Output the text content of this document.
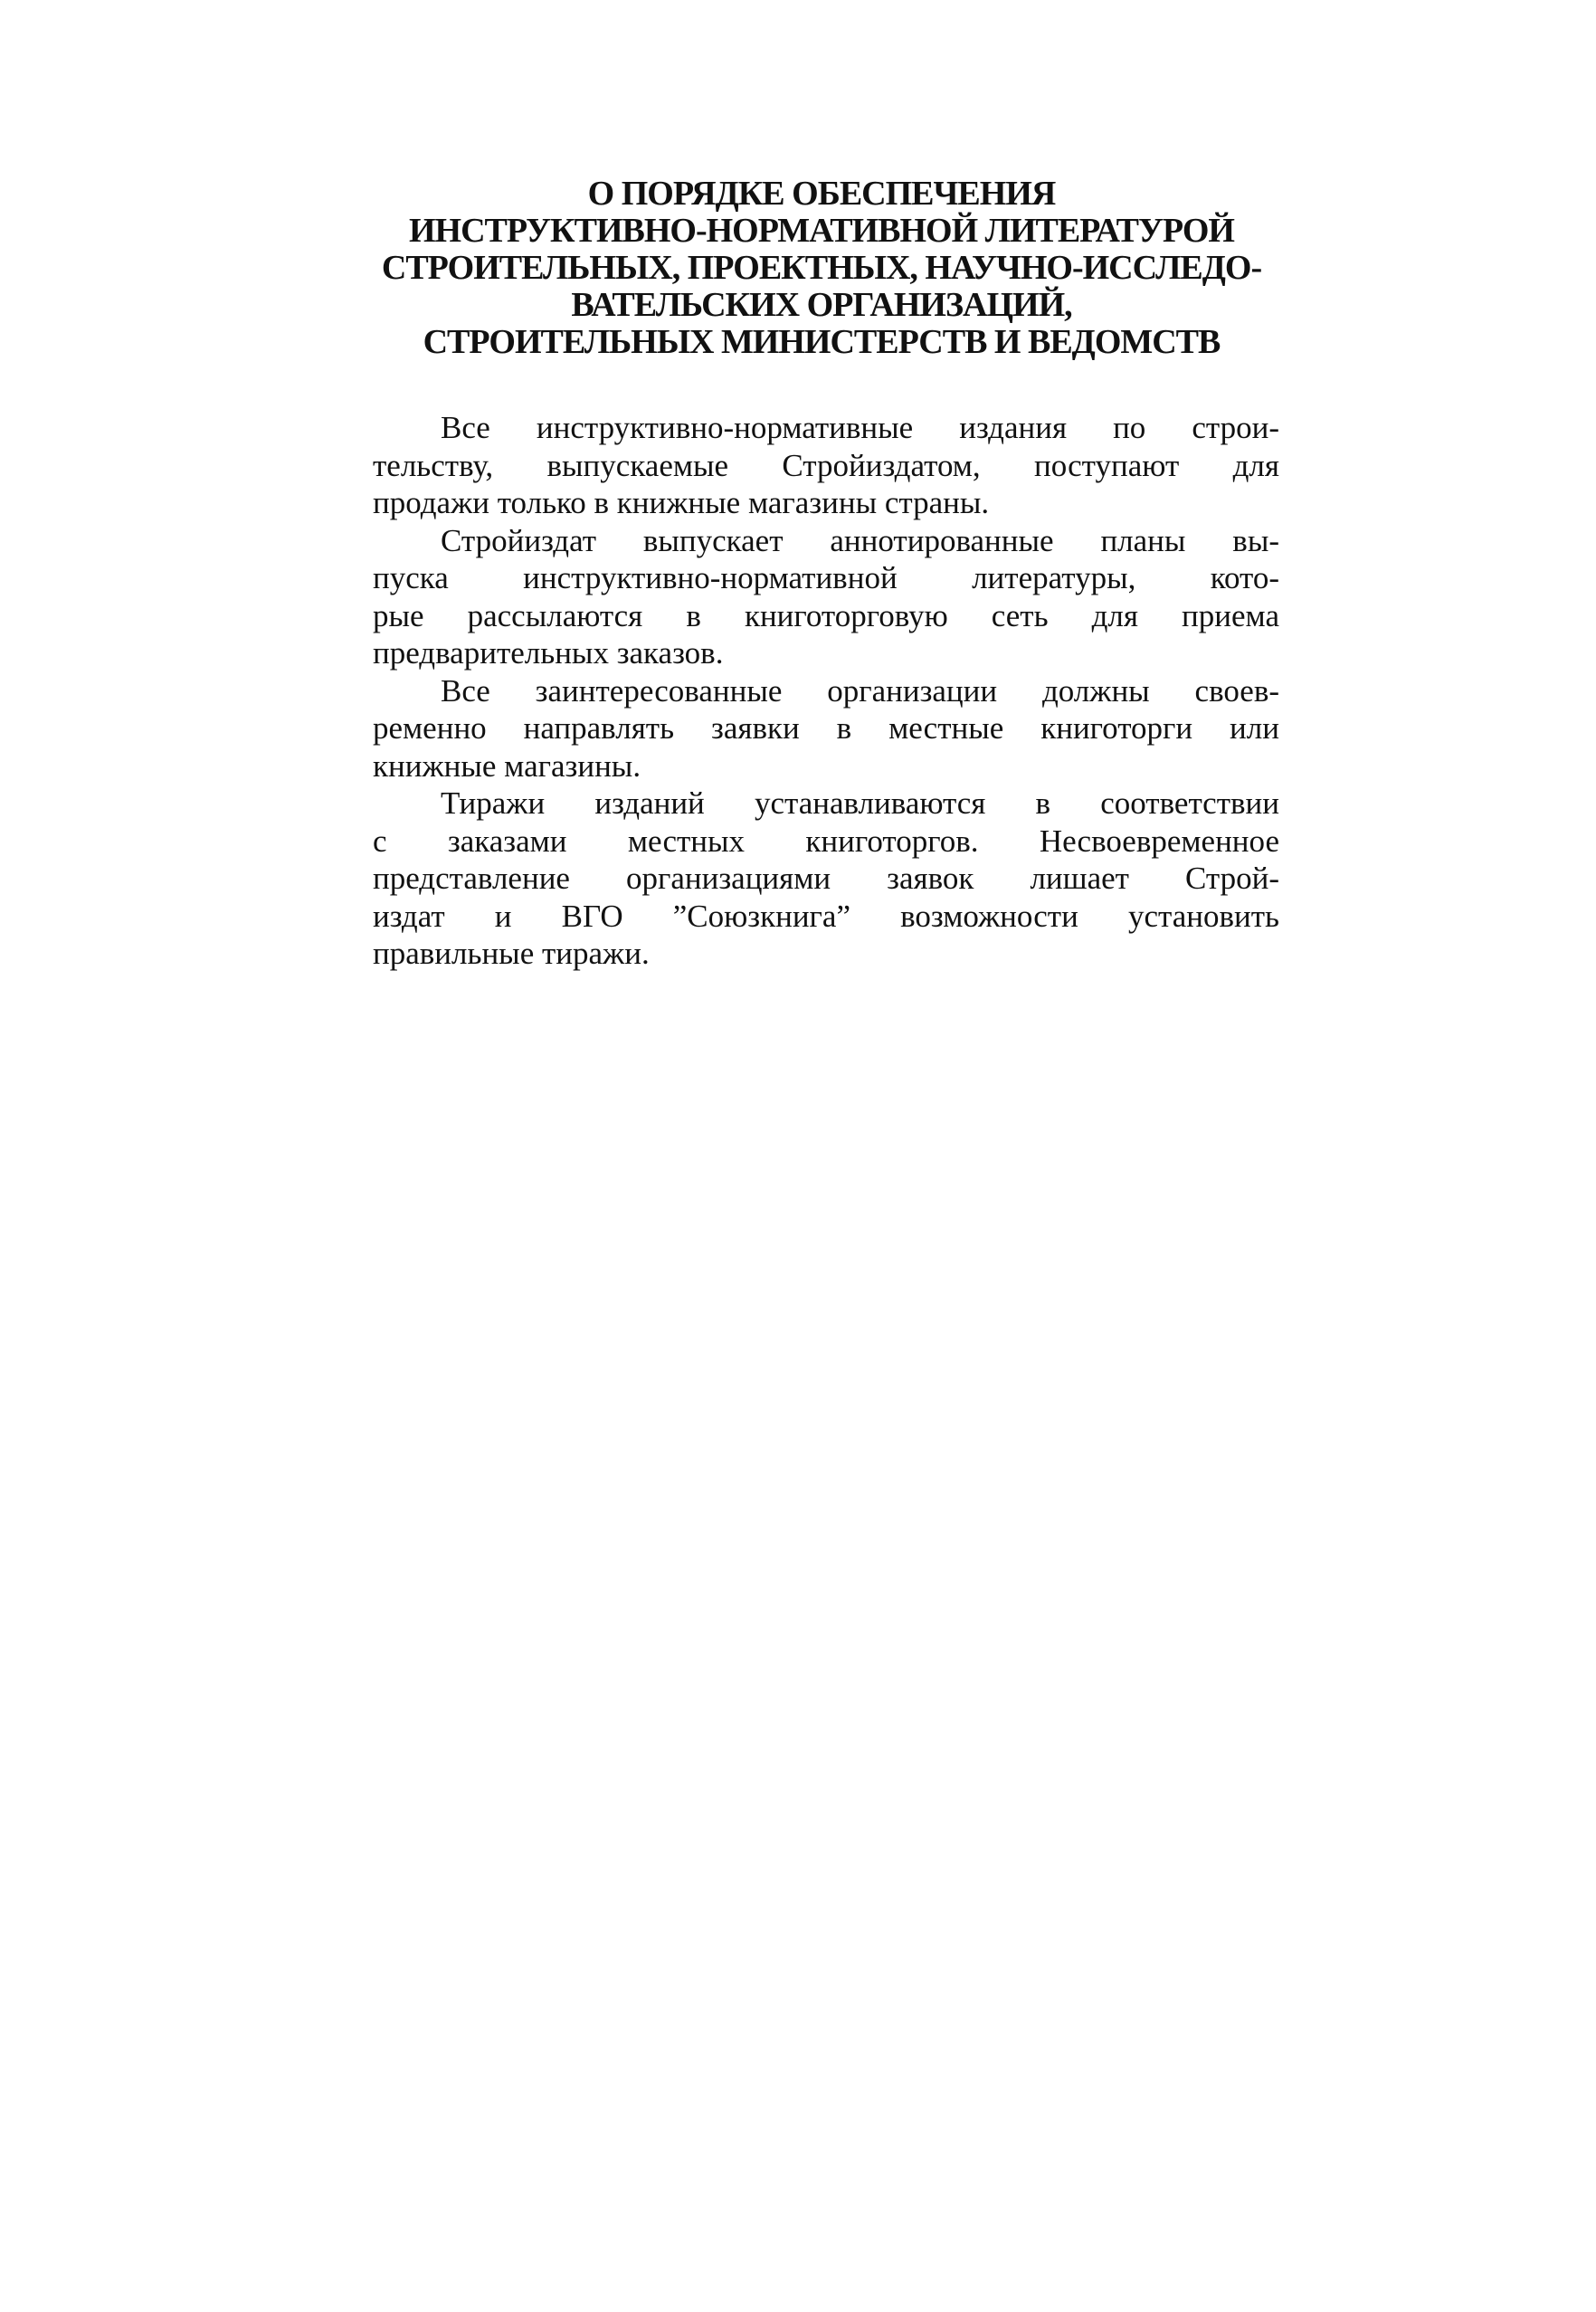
О ПОРЯДКЕ ОБЕСПЕЧЕНИЯ
ИНСТРУКТИВНО-НОРМАТИВНОЙ ЛИТЕРАТУРОЙ
СТРОИТЕЛЬНЫХ, ПРОЕКТНЫХ, НАУЧНО-ИССЛЕДО-
ВАТЕЛЬСКИХ ОРГАНИЗАЦИЙ,
СТРОИТЕЛЬНЫХ МИНИСТЕРСТВ И ВЕДОМСТВ
Все инструктивно-нормативные издания по строи-
тельству, выпускаемые Стройиздатом, поступают для
продажи только в книжные магазины страны.
Стройиздат выпускает аннотированные планы вы-
пуска инструктивно-нормативной литературы, кото-
рые рассылаются в книготорговую сеть для приема
предварительных заказов.
Все заинтересованные организации должны своев-
ременно направлять заявки в местные книготорги или
книжные магазины.
Тиражи изданий устанавливаются в соответствии
с заказами местных книготоргов. Несвоевременное
представление организациями заявок лишает Строй-
издат и ВГО ”Союзкнига” возможности установить
правильные тиражи.
